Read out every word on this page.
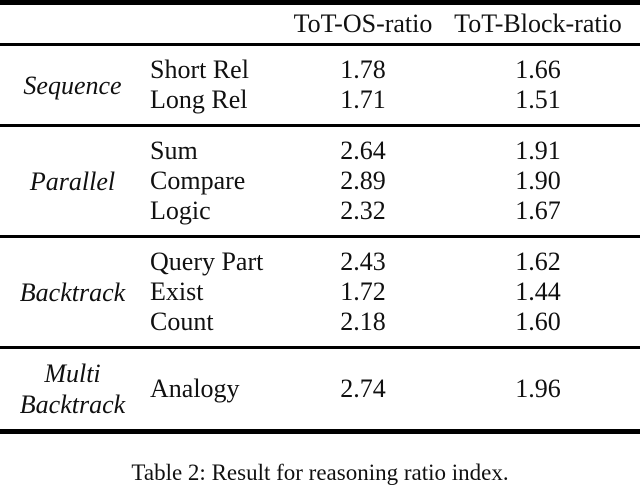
ToT-OS-ratio ToT-Block-ratio
Sequence
Short Rel	1.78	1.66
Long Rel	1.71	1.51
Parallel
Sum	2.64	1.91
Compare	2.89	1.90
Logic	2.32	1.67
Backtrack
Query Part	2.43	1.62
Exist	1.72	1.44
Count	2.18	1.60
Multi Backtrack
Analogy	2.74	1.96
Table 2: Result for reasoning ratio index.
